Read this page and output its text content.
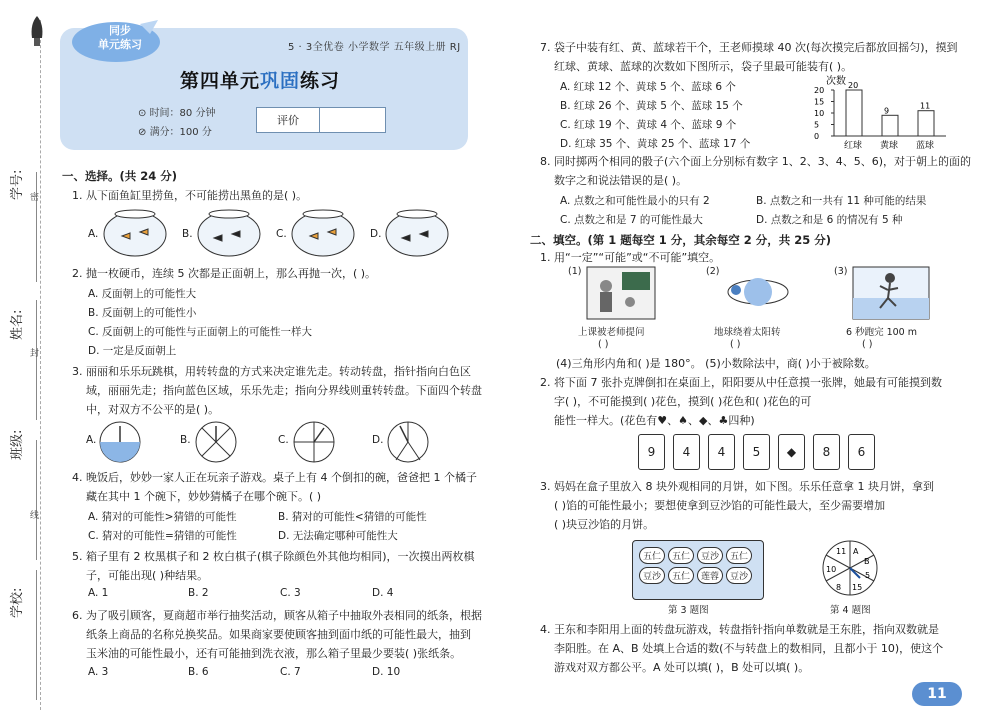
学号:
姓名:
班级:
学校:
密
封
线
同步
单元练习	5 · 3全优卷 小学数学 五年级上册 RJ
第四单元巩固练习
⊙ 时间：80 分钟
⊘ 满分：100 分
评价
一、选择。(共 24 分)
1. 从下面鱼缸里捞鱼，不可能捞出黑鱼的是( )。
A.	B.	C.	D.
2. 抛一枚硬币，连续 5 次都是正面朝上，那么再抛一次，( )。
A. 反面朝上的可能性大
B. 反面朝上的可能性小
C. 反面朝上的可能性与正面朝上的可能性一样大
D. 一定是反面朝上
3. 丽丽和乐乐玩跳棋，用转转盘的方式来决定谁先走。转动转盘，指针指向白色区
域，丽丽先走；指向蓝色区域，乐乐先走；指向分界线则重转转盘。下面四个转盘
中，对双方不公平的是( )。
A.	B.	C.	D.
4. 晚饭后，妙妙一家人正在玩亲子游戏。桌子上有 4 个倒扣的碗，爸爸把 1 个橘子
藏在其中 1 个碗下，妙妙猜橘子在哪个碗下。( )
A. 猜对的可能性>猜错的可能性	B. 猜对的可能性<猜错的可能性
C. 猜对的可能性=猜错的可能性	D. 无法确定哪种可能性大
5. 箱子里有 2 枚黑棋子和 2 枚白棋子(棋子除颜色外其他均相同)，一次摸出两枚棋
子，可能出现( )种结果。
A. 1	B. 2	C. 3	D. 4
6. 为了吸引顾客，夏商超市举行抽奖活动，顾客从箱子中抽取外表相同的纸条，根据
纸条上商品的名称兑换奖品。如果商家要使顾客抽到面巾纸的可能性最大，抽到
玉米油的可能性最小，还有可能抽到洗衣液，那么箱子里最少要装( )张纸条。
A. 3	B. 6	C. 7	D. 10
7. 袋子中装有红、黄、蓝球若干个，王老师摸球 40 次(每次摸完后都放回摇匀)，摸到
红球、黄球、蓝球的次数如下图所示，袋子里最可能装有( )。
A. 红球 12 个、黄球 5 个、蓝球 6 个
B. 红球 26 个、黄球 5 个、蓝球 15 个
C. 红球 19 个、黄球 4 个、蓝球 9 个
D. 红球 35 个、黄球 25 个、蓝球 17 个
次数
20
15
10
5
0
20
红球
9
黄球
11
蓝球
8. 同时掷两个相同的骰子(六个面上分别标有数字 1、2、3、4、5、6)，对于朝上的面的
数字之和说法错误的是( )。
A. 点数之和可能性最小的只有 2	B. 点数之和一共有 11 种可能的结果
C. 点数之和是 7 的可能性最大	D. 点数之和是 6 的情况有 5 种
二、填空。(第 1 题每空 1 分，其余每空 2 分，共 25 分)
1. 用“一定”“可能”或“不可能”填空。
(1)	(2)	(3)
上课被老师提问	地球绕着太阳转	6 秒跑完 100 m
( )	( )	( )
(4)三角形内角和( )是 180°。 (5)小数除法中，商( )小于被除数。
2. 将下面 7 张扑克牌倒扣在桌面上，阳阳要从中任意摸一张牌，她最有可能摸到数
字( )，不可能摸到( )花色，摸到( )花色和( )花色的可
能性一样大。(花色有♥、♠、◆、♣四种)
9 4 4 5 ◆ 8 6
3. 妈妈在盒子里放入 8 块外观相同的月饼，如下图。乐乐任意拿 1 块月饼，拿到
( )馅的可能性最小；要想使拿到豆沙馅的可能性最大，至少需要增加
( )块豆沙馅的月饼。
五仁	五仁	豆沙	五仁
豆沙	五仁	莲蓉	豆沙
A
B
5
15
8
10
11
第 3 题图	第 4 题图
4. 王东和李阳用上面的转盘玩游戏，转盘指针指向单数就是王东胜，指向双数就是
李阳胜。在 A、B 处填上合适的数(不与转盘上的数相同，且都小于 10)，使这个
游戏对双方都公平。A 处可以填( )，B 处可以填( )。
11
